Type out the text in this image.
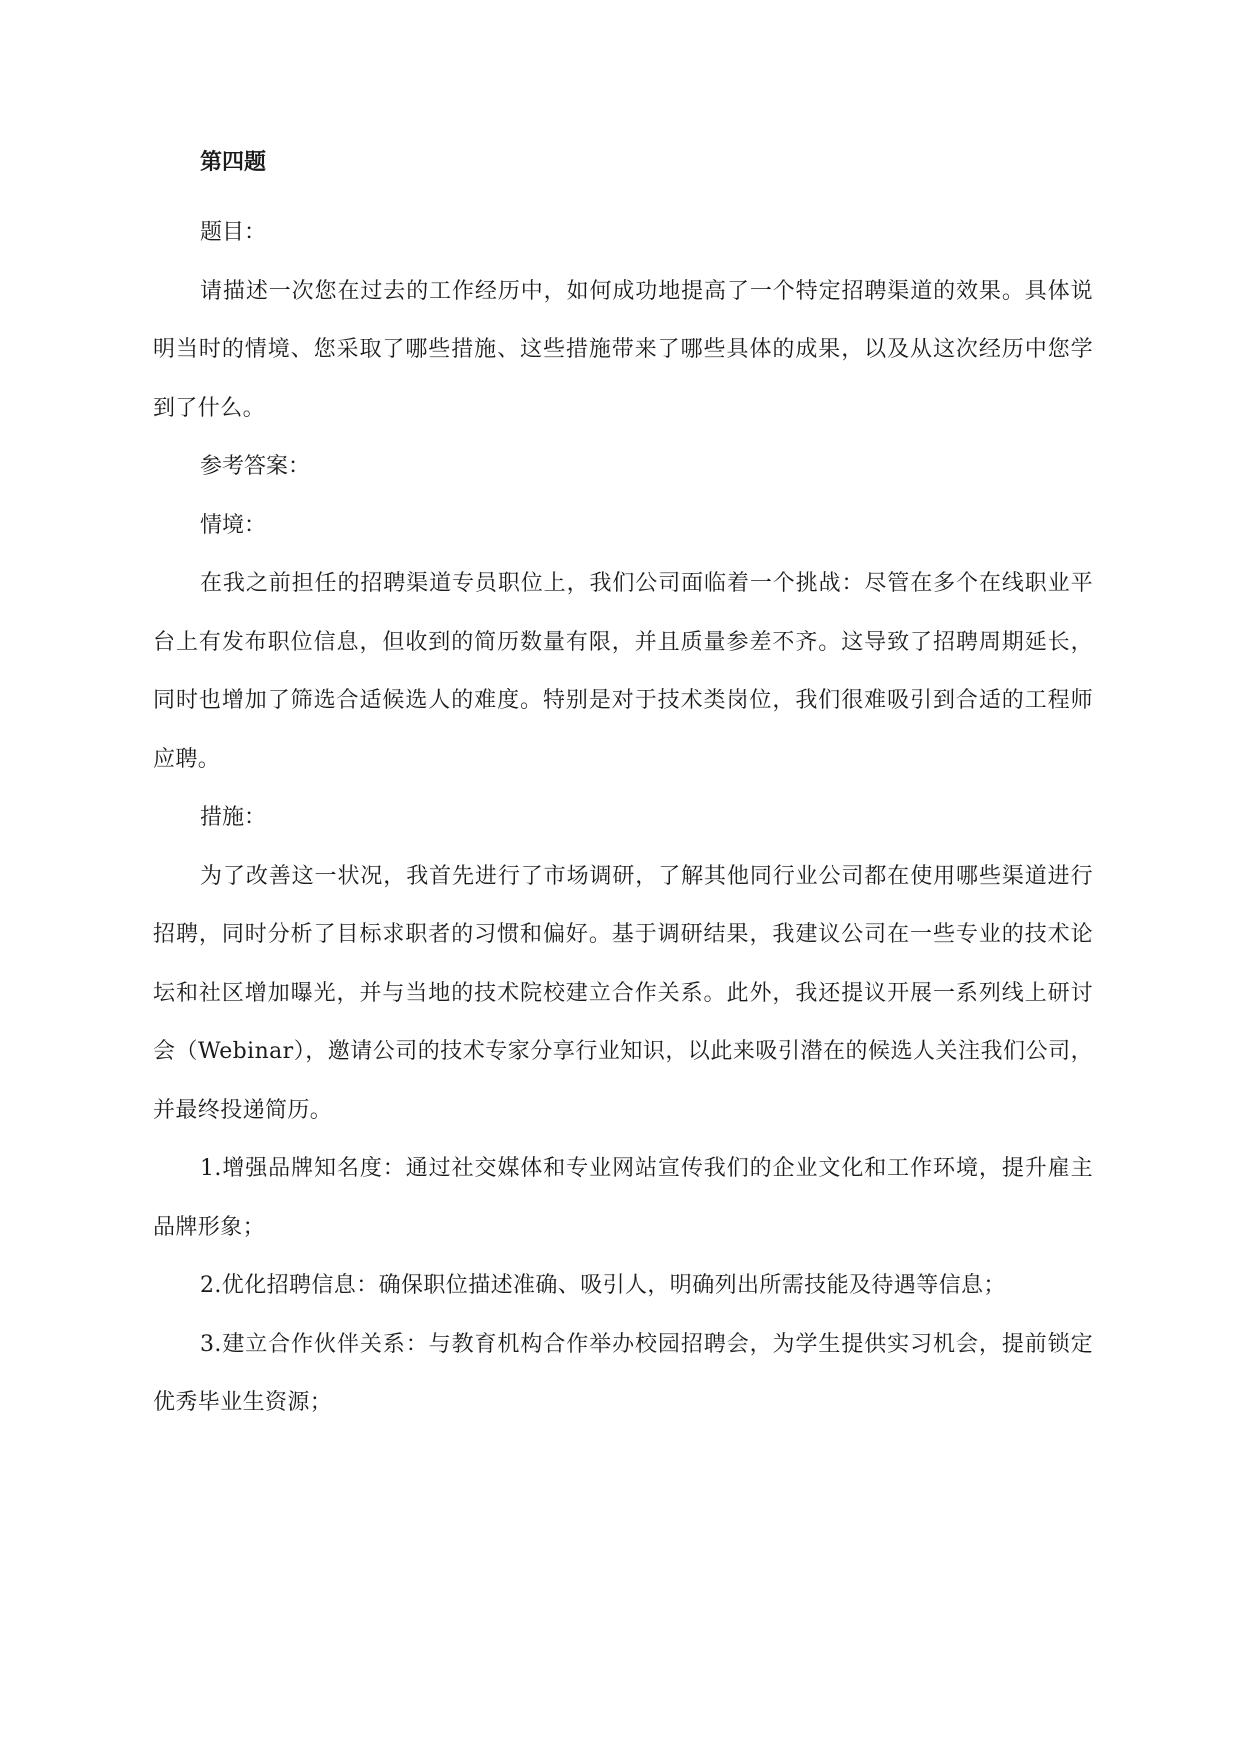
第四题

题目：

请描述一次您在过去的工作经历中，如何成功地提高了一个特定招聘渠道的效果。具体说明当时的情境、您采取了哪些措施、这些措施带来了哪些具体的成果，以及从这次经历中您学到了什么。

参考答案：

情境：

在我之前担任的招聘渠道专员职位上，我们公司面临着一个挑战：尽管在多个在线职业平台上有发布职位信息，但收到的简历数量有限，并且质量参差不齐。这导致了招聘周期延长，同时也增加了筛选合适候选人的难度。特别是对于技术类岗位，我们很难吸引到合适的工程师应聘。

措施：

为了改善这一状况，我首先进行了市场调研，了解其他同行业公司都在使用哪些渠道进行招聘，同时分析了目标求职者的习惯和偏好。基于调研结果，我建议公司在一些专业的技术论坛和社区增加曝光，并与当地的技术院校建立合作关系。此外，我还提议开展一系列线上研讨会（Webinar），邀请公司的技术专家分享行业知识，以此来吸引潜在的候选人关注我们公司，并最终投递简历。

1.增强品牌知名度：通过社交媒体和专业网站宣传我们的企业文化和工作环境，提升雇主品牌形象；

2.优化招聘信息：确保职位描述准确、吸引人，明确列出所需技能及待遇等信息；

3.建立合作伙伴关系：与教育机构合作举办校园招聘会，为学生提供实习机会，提前锁定优秀毕业生资源；
